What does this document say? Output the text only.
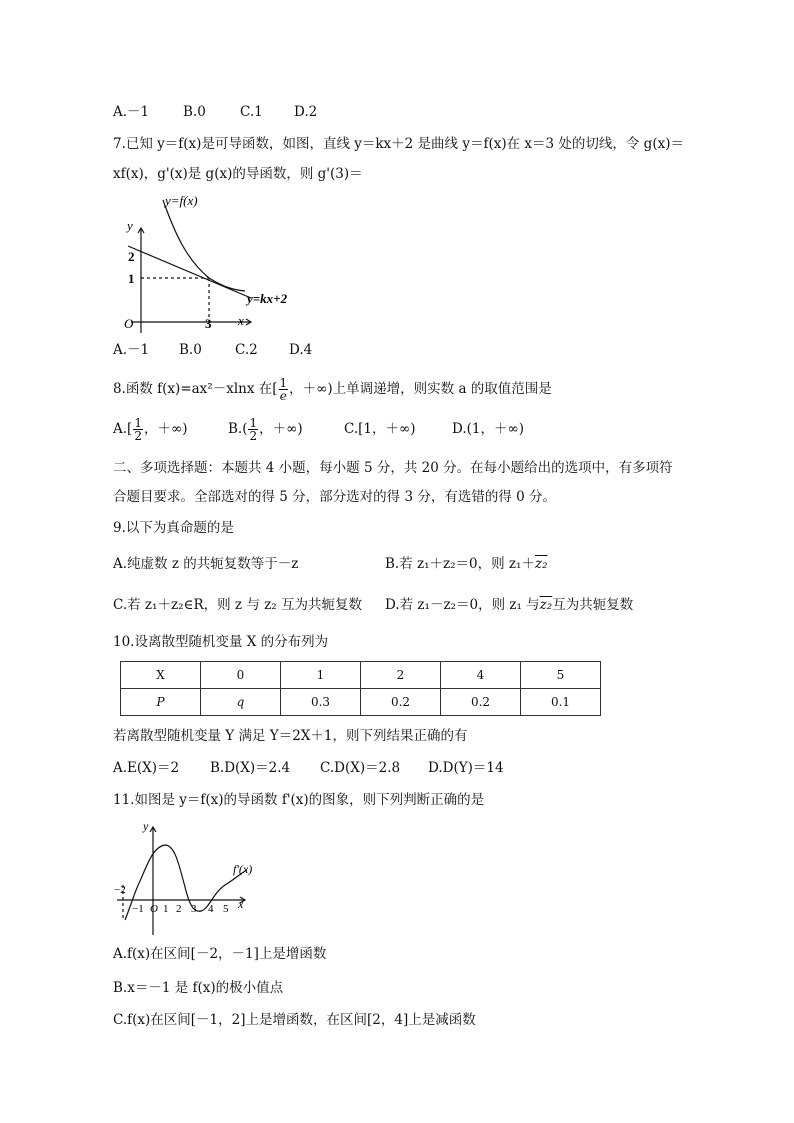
A.－1	B.0	C.1 D.2
7.已知 y＝f(x)是可导函数，如图，直线 y＝kx＋2 是曲线 y＝f(x)在 x＝3 处的切线，令 g(x)＝
xf(x)，g'(x)是 g(x)的导函数，则 g'(3)＝
y=f(x)
y
2
1
O	3 x
y=kx+2
A.－1 B.0 C.2 D.4
8.函数 f(x)=ax²－xlnx 在[ $\frac{1}{e}$ ，＋∞)上单调递增，则实数 a 的取值范围是
$A.[ \frac{1}{2}$ ，＋∞)	$B.( \frac{1}{2}$ ，＋∞)	C.[1，＋∞)	D.(1，＋∞)
二、多项选择题：本题共 4 小题，每小题 5 分，共 20 分。在每小题给出的选项中，有多项符
合题目要求。全部选对的得 5 分，部分选对的得 3 分，有选错的得 0 分。
9.以下为真命题的是
A.纯虚数 z 的共轭复数等于－z	B.若 z₁＋z₂＝0，则 z₁＋z₂
C.若 z₁＋z₂∈R，则 z 与 z₂ 互为共轭复数 D.若 z₁－z₂＝0，则 z₁ 与z₂互为共轭复数
10.设离散型随机变量 X 的分布列为
X	0	1	2	4	5
P	q	0.3	0.2	0.2	0.1
若离散型随机变量 Y 满足 Y＝2X＋1，则下列结果正确的有
A.E(X)＝2 B.D(X)＝2.4 C.D(X)＝2.8 D.D(Y)＝14
11.如图是 y＝f(x)的导函数 f'(x)的图象，则下列判断正确的是
y
f'(x)
x
−2
−1 O 1 2 3 4 5
A.f(x)在区间[－2，－1]上是增函数
B.x＝－1 是 f(x)的极小值点
C.f(x)在区间[－1，2]上是增函数，在区间[2，4]上是减函数
